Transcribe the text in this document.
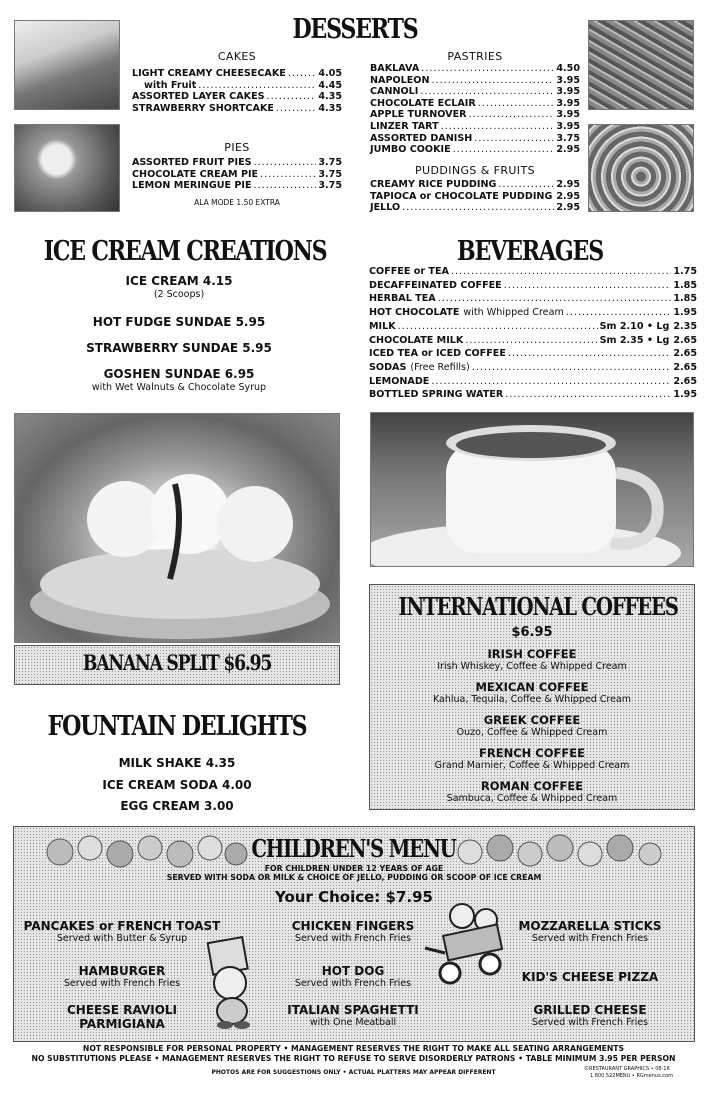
DESSERTS
CAKES
LIGHT CREAMY CHEESECAKE .....	4.05
with Fruit .....	4.45
ASSORTED LAYER CAKES .....	4.35
STRAWBERRY SHORTCAKE .....	4.35
PIES
ASSORTED FRUIT PIES .....	3.75
CHOCOLATE CREAM PIE .....	3.75
LEMON MERINGUE PIE .....	3.75
ALA MODE 1.50 EXTRA
PASTRIES
BAKLAVA .....	4.50
NAPOLEON .....	3.95
CANNOLI .....	3.95
CHOCOLATE ECLAIR .....	3.95
APPLE TURNOVER .....	3.95
LINZER TART .....	3.95
ASSORTED DANISH .....	3.75
JUMBO COOKIE .....	2.95
PUDDINGS & FRUITS
CREAMY RICE PUDDING .....	2.95
TAPIOCA or CHOCOLATE PUDDING 2.95
JELLO .....	2.95
ICE CREAM CREATIONS
ICE CREAM 4.15
(2 Scoops)
HOT FUDGE SUNDAE 5.95
STRAWBERRY SUNDAE 5.95
GOSHEN SUNDAE 6.95
with Wet Walnuts & Chocolate Syrup
BEVERAGES
COFFEE or TEA .....	1.75
DECAFFEINATED COFFEE .....	1.85
HERBAL TEA .....	1.85
HOT CHOCOLATE with Whipped Cream .....	1.95
MILK .....	Sm 2.10 • Lg 2.35
CHOCOLATE MILK .....	Sm 2.35 • Lg 2.65
ICED TEA or ICED COFFEE .....	2.65
SODAS (Free Refills) .....	2.65
LEMONADE .....	2.65
BOTTLED SPRING WATER .....	1.95
BANANA SPLIT $6.95
INTERNATIONAL COFFEES
$6.95
IRISH COFFEE
Irish Whiskey, Coffee & Whipped Cream
MEXICAN COFFEE
Kahlua, Tequila, Coffee & Whipped Cream
GREEK COFFEE
Ouzo, Coffee & Whipped Cream
FRENCH COFFEE
Grand Marnier, Coffee & Whipped Cream
ROMAN COFFEE
Sambuca, Coffee & Whipped Cream
FOUNTAIN DELIGHTS
MILK SHAKE 4.35
ICE CREAM SODA 4.00
EGG CREAM 3.00
CHILDREN'S MENU
FOR CHILDREN UNDER 12 YEARS OF AGE
SERVED WITH SODA OR MILK & CHOICE OF JELLO, PUDDING OR SCOOP OF ICE CREAM
Your Choice: $7.95
PANCAKES or FRENCH TOAST
Served with Butter & Syrup
CHICKEN FINGERS
Served with French Fries
MOZZARELLA STICKS
Served with French Fries
HAMBURGER
Served with French Fries
HOT DOG
Served with French Fries	KID'S CHEESE PIZZA
CHEESE RAVIOLI
PARMIGIANA
ITALIAN SPAGHETTI
with One Meatball
GRILLED CHEESE
Served with French Fries
NOT RESPONSIBLE FOR PERSONAL PROPERTY • MANAGEMENT RESERVES THE RIGHT TO MAKE ALL SEATING ARRANGEMENTS
NO SUBSTITUTIONS PLEASE • MANAGEMENT RESERVES THE RIGHT TO REFUSE TO SERVE DISORDERLY PATRONS • TABLE MINIMUM 3.95 PER PERSON
PHOTOS ARE FOR SUGGESTIONS ONLY • ACTUAL PLATTERS MAY APPEAR DIFFERENT	©RESTAURANT GRAPHICS • 08-16
1.800.522MENU • RGmenus.com
